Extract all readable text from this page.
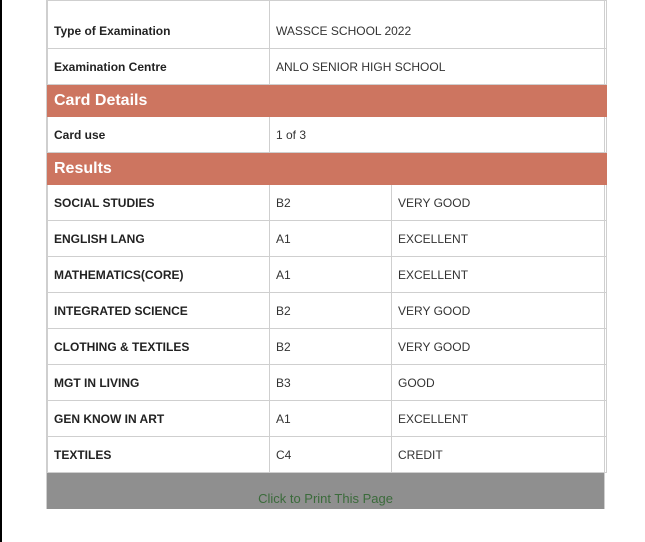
Type of Examination	WASSCE SCHOOL 2022	
Examination Centre	ANLO SENIOR HIGH SCHOOL	
Card Details		
Card use	1 of 3	
Results		
SOCIAL STUDIES	B2	VERY GOOD
ENGLISH LANG	A1	EXCELLENT
MATHEMATICS(CORE)	A1	EXCELLENT
INTEGRATED SCIENCE	B2	VERY GOOD
CLOTHING & TEXTILES	B2	VERY GOOD
MGT IN LIVING	B3	GOOD
GEN KNOW IN ART	A1	EXCELLENT
TEXTILES	C4	CREDIT
Click to Print This Page
